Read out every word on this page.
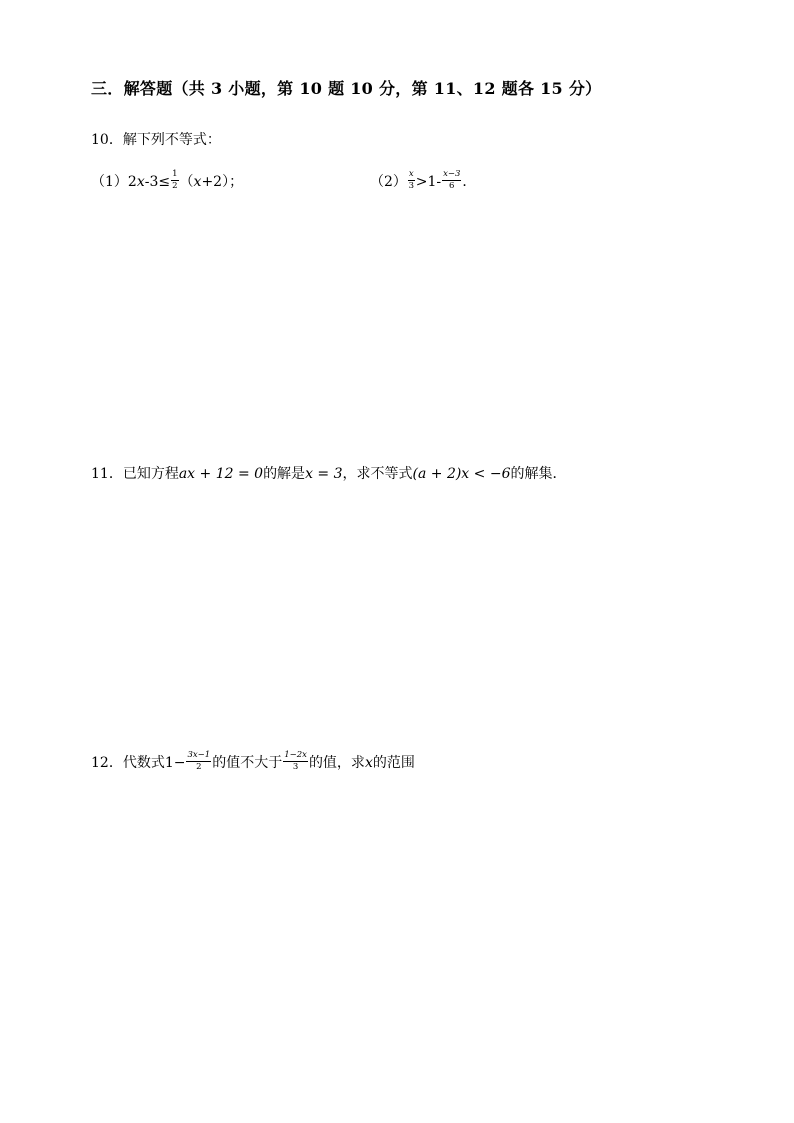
三．解答题（共 3 小题，第 10 题 10 分，第 11、12 题各 15 分）
10．解下列不等式：
$(1)2x-3\le \frac{1}{2} (x+2)$；	$(2) \frac{x}{3} >1- \frac{x-3}{6}$ ．
11．已知方程ax + 12 = 0的解是x = 3，求不等式(a + 2)x < −6的解集．
12．代数式$1- \frac{3x-1}{2}$ 的值不大于 $\frac{1-2x}{3}$ 的值，求x的范围
